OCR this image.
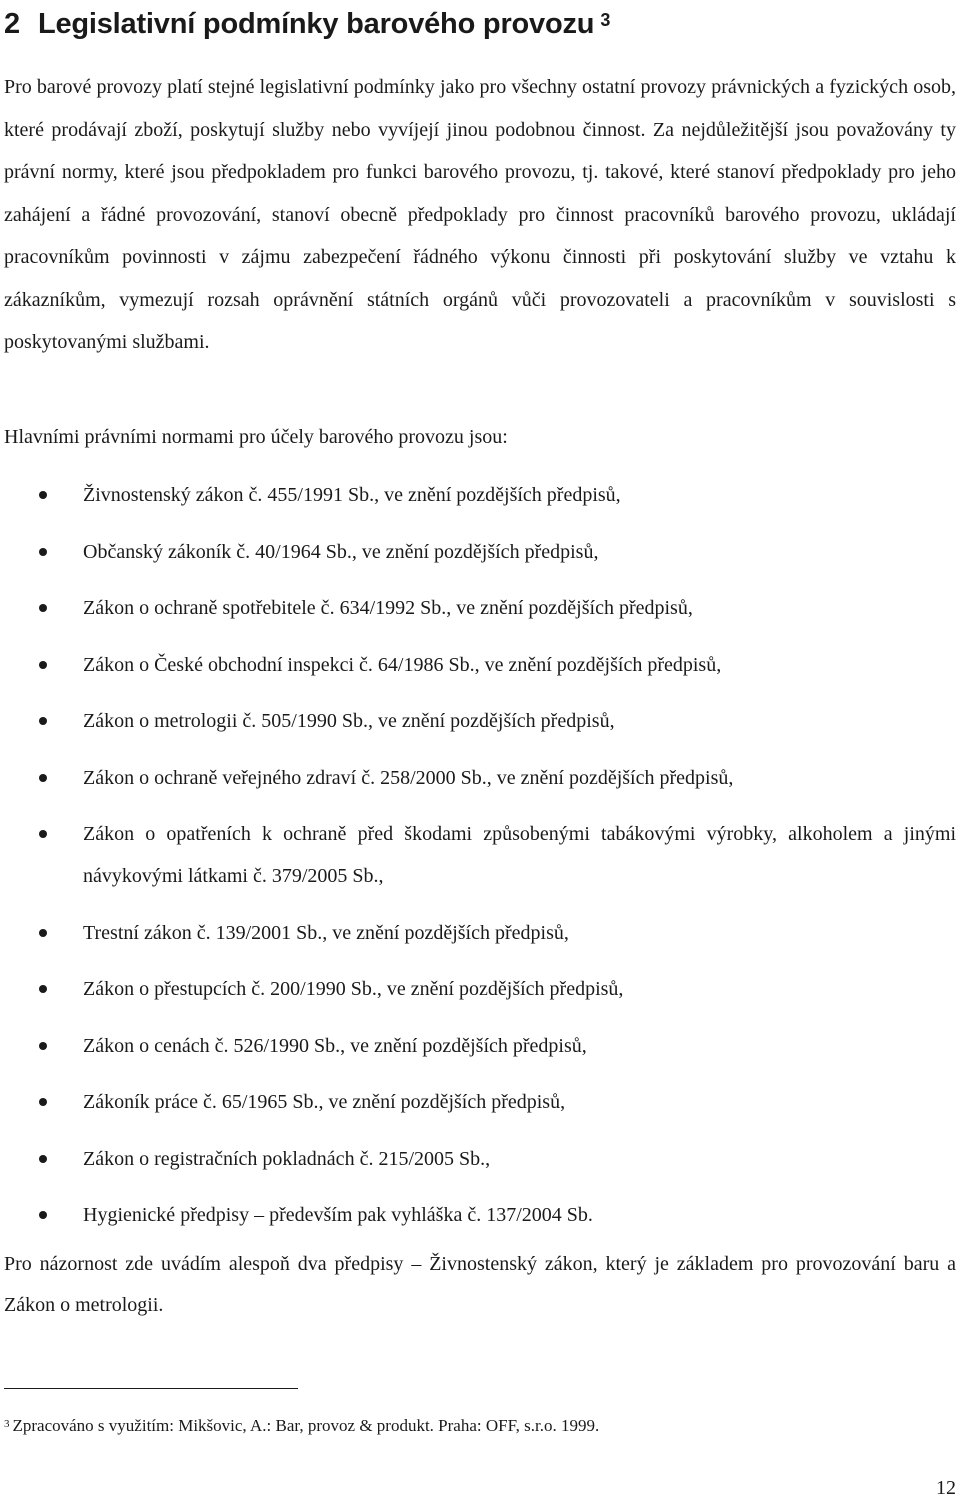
2 Legislativní podmínky barového provozu $^3$

Pro barové provozy platí stejné legislativní podmínky jako pro všechny ostatní provozy právnických a fyzických osob, které prodávají zboží, poskytují služby nebo vyvíjejí jinou podobnou činnost. Za nejdůležitější jsou považovány ty právní normy, které jsou předpokladem pro funkci barového provozu, tj. takové, které stanoví předpoklady pro jeho zahájení a řádné provozování, stanoví obecně předpoklady pro činnost pracovníků barového provozu, ukládají pracovníkům povinnosti v zájmu zabezpečení řádného výkonu činnosti při poskytování služby ve vztahu k zákazníkům, vymezují rozsah oprávnění státních orgánů vůči provozovateli a pracovníkům v souvislosti s poskytovanými službami.

Hlavními právními normami pro účely barového provozu jsou:

Živnostenský zákon č. 455/1991 Sb., ve znění pozdějších předpisů,
Občanský zákoník č. 40/1964 Sb., ve znění pozdějších předpisů,
Zákon o ochraně spotřebitele č. 634/1992 Sb., ve znění pozdějších předpisů,
Zákon o České obchodní inspekci č. 64/1986 Sb., ve znění pozdějších předpisů,
Zákon o metrologii č. 505/1990 Sb., ve znění pozdějších předpisů,
Zákon o ochraně veřejného zdraví č. 258/2000 Sb., ve znění pozdějších předpisů,
Zákon o opatřeních k ochraně před škodami způsobenými tabákovými výrobky, alkoholem a jinými návykovými látkami č. 379/2005 Sb.,
Trestní zákon č. 139/2001 Sb., ve znění pozdějších předpisů,
Zákon o přestupcích č. 200/1990 Sb., ve znění pozdějších předpisů,
Zákon o cenách č. 526/1990 Sb., ve znění pozdějších předpisů,
Zákoník práce č. 65/1965 Sb., ve znění pozdějších předpisů,
Zákon o registračních pokladnách č. 215/2005 Sb.,
Hygienické předpisy – především pak vyhláška č. 137/2004 Sb.

Pro názornost zde uvádím alespoň dva předpisy – Živnostenský zákon, který je základem pro provozování baru a Zákon o metrologii.

$^3$ Zpracováno s využitím: Mikšovic, A.: Bar, provoz & produkt. Praha: OFF, s.r.o. 1999.
12
